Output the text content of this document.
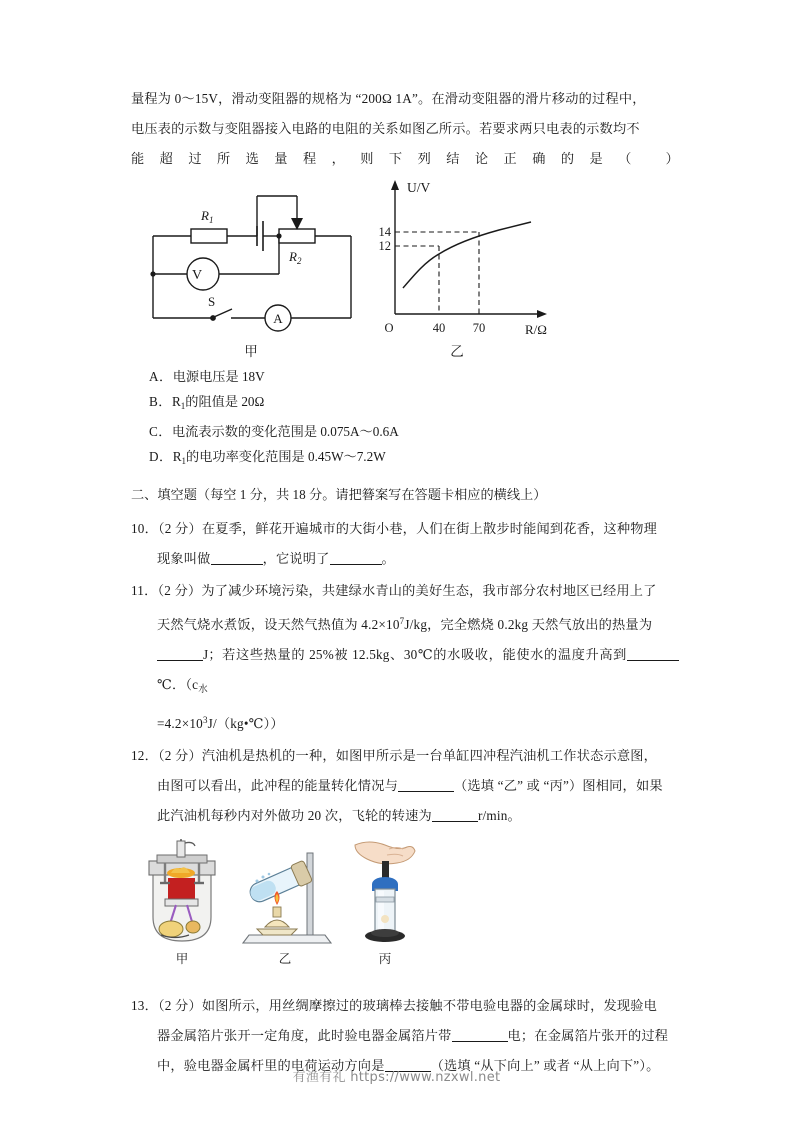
量程为 0～15V，滑动变阻器的规格为 “200Ω 1A”。在滑动变阻器的滑片移动的过程中，
电压表的示数与变阻器接入电路的电阻的关系如图乙所示。若要求两只电表的示数均不
能超过所选量程，则下列结论正确的是（ ）
$R_1$
$R_2$
V
A
S
甲
U/V
14
12
O	40 70	R/Ω
乙
A．电源电压是 18V
B．$R_1$的阻值是 20Ω
C．电流表示数的变化范围是 0.075A～0.6A
D．$R_1$的电功率变化范围是 0.45W～7.2W
二、填空题（每空 1 分，共 18 分。请把簮案写在答题卡相应的横线上）
10．（2 分）在夏季，鲜花开遍城市的大街小巷，人们在街上散步时能闻到花香，这种物理
现象叫做	，它说明了	。
11．（2 分）为了减少环境污染，共建绿水青山的美好生态，我市部分农村地区已经用上了
天然气烧水煮饭，设天然气热值为 $4.2\times 10^7J/kg$，完全燃烧 0.2kg 天然气放出的热量为
J；若这些热量的 25%被 12.5kg、30℃的水吸收，能使水的温度升高到℃．（$c_水$
$=4.2\times 10^3J/(kg•℃)$）
12．（2 分）汽油机是热机的一种，如图甲所示是一台单缸四冲程汽油机工作状态示意图，
由图可以看出，此冲程的能量转化情况与	（选填 “乙” 或 “丙”）图相同，如果
此汽油机每秒内对外做功 20 次，飞轮的转速为	r/min。
甲	乙	丙
13．（2 分）如图所示，用丝绸摩擦过的玻璃棒去接触不带电验电器的金属球时，发现验电
器金属箔片张开一定角度，此时验电器金属箔片带	电；在金属箔片张开的过程
中，验电器金属杆里的电荷运动方向是	（选填 “从下向上” 或者 “从上向下”）。
有渔有礼 https://www.nzxwl.net
